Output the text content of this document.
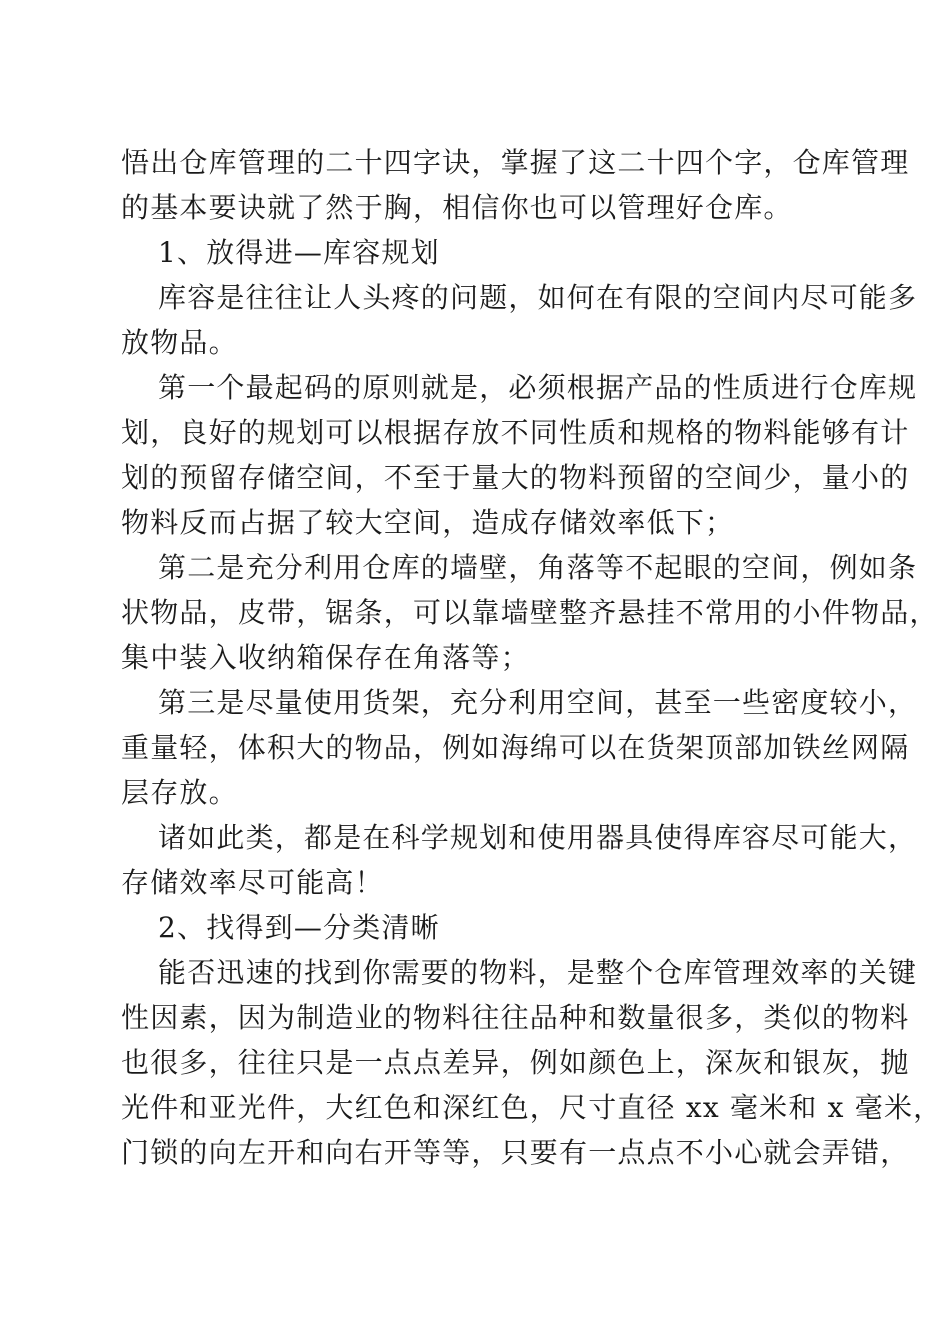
悟出仓库管理的二十四字诀，掌握了这二十四个字，仓库管理
的基本要诀就了然于胸，相信你也可以管理好仓库。
1、放得进—库容规划
库容是往往让人头疼的问题，如何在有限的空间内尽可能多
放物品。
第一个最起码的原则就是，必须根据产品的性质进行仓库规
划，良好的规划可以根据存放不同性质和规格的物料能够有计
划的预留存储空间，不至于量大的物料预留的空间少，量小的
物料反而占据了较大空间，造成存储效率低下；
第二是充分利用仓库的墙壁，角落等不起眼的空间，例如条
状物品，皮带，锯条，可以靠墙壁整齐悬挂不常用的小件物品，
集中装入收纳箱保存在角落等；
第三是尽量使用货架，充分利用空间，甚至一些密度较小，
重量轻，体积大的物品，例如海绵可以在货架顶部加铁丝网隔
层存放。
诸如此类，都是在科学规划和使用器具使得库容尽可能大，
存储效率尽可能高！
2、找得到—分类清晰
能否迅速的找到你需要的物料，是整个仓库管理效率的关键
性因素，因为制造业的物料往往品种和数量很多，类似的物料
也很多，往往只是一点点差异，例如颜色上，深灰和银灰，抛
光件和亚光件，大红色和深红色，尺寸直径 xx 毫米和 x 毫米，
门锁的向左开和向右开等等，只要有一点点不小心就会弄错，
